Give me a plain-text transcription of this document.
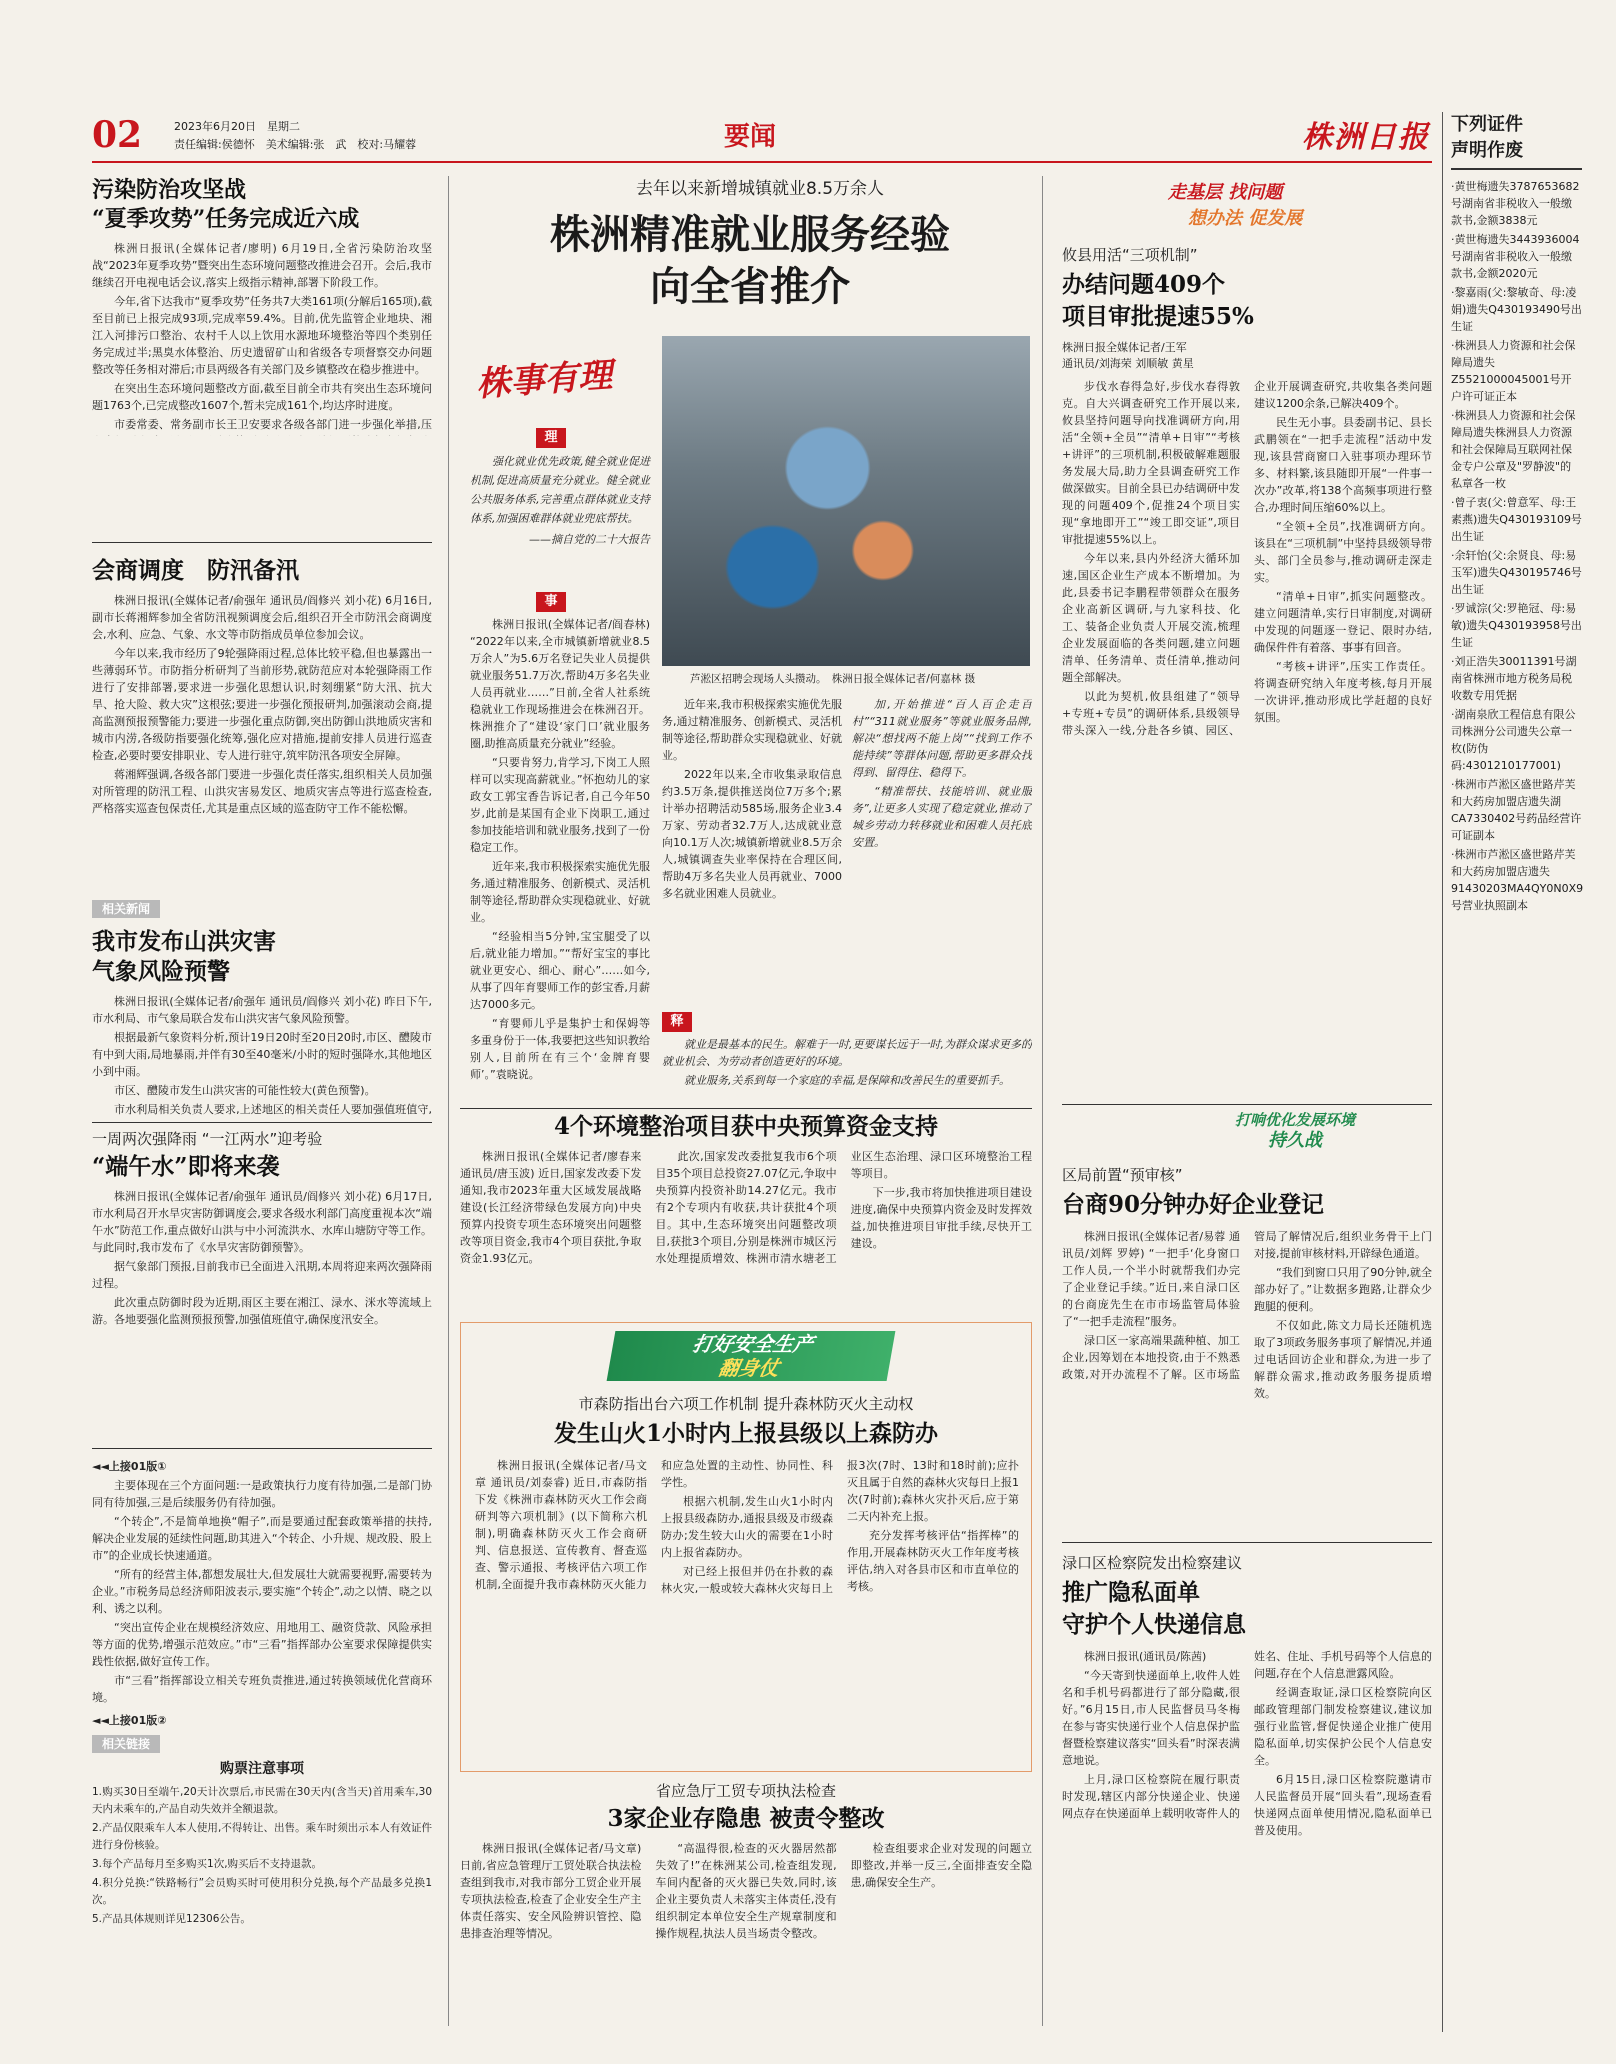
02	2023年6月20日　星期二
责任编辑:侯德怀　美术编辑:张　武　校对:马耀蓉	要闻	株洲日报 下列证件
声明作废
·黄世梅遗失3787653682号湖南省非税收入一般缴款书,金额3838元
·黄世梅遗失3443936004号湖南省非税收入一般缴款书,金额2020元
·黎嘉雨(父:黎敏奇、母:凌娟)遗失Q430193490号出生证
·株洲县人力资源和社会保障局遗失Z5521000045001号开户许可证正本
·株洲县人力资源和社会保障局遗失株洲县人力资源和社会保障局互联网社保金专户公章及"罗静波"的私章各一枚
·曾子衷(父:曾意军、母:王素燕)遗失Q430193109号出生证
·余轩怡(父:余贤良、母:易玉军)遗失Q430195746号出生证
·罗诚淙(父:罗艳冠、母:易敏)遗失Q430193958号出生证
·刘正浩失30011391号湖南省株洲市地方税务局税收数专用凭据
·湖南泉欣工程信息有限公司株洲分公司遗失公章一枚(防伪码:4301210177001)
·株洲市芦淞区盛世路芹芙和大药房加盟店遗失湖CA7330402号药品经营许可证副本
·株洲市芦淞区盛世路芹芙和大药房加盟店遗失91430203MA4QY0N0X9号营业执照副本
污染防治攻坚战
“夏季攻势”任务完成近六成

株洲日报讯(全媒体记者/廖明) 6月19日,全省污染防治攻坚战“2023年夏季攻势”暨突出生态环境问题整改推进会召开。会后,我市继续召开电视电话会议,落实上级指示精神,部署下阶段工作。

今年,省下达我市“夏季攻势”任务共7大类161项(分解后165项),截至目前已上报完成93项,完成率59.4%。目前,优先监管企业地块、湘江入河排污口整治、农村千人以上饮用水源地环境整治等四个类别任务完成过半;黑臭水体整治、历史遗留矿山和省级各专项督察交办问题整改等任务相对滞后;市县两级各有关部门及乡镇整改在稳步推进中。

在突出生态环境问题整改方面,截至目前全市共有突出生态环境问题1763个,已完成整改1607个,暂未完成161个,均达序时进度。

市委常委、常务副市长王卫安要求各级各部门进一步强化举措,压

会商调度　防汛备汛

株洲日报讯(全媒体记者/俞强年 通讯员/阎修兴 刘小花) 6月16日,副市长蒋湘辉参加全省防汛视频调度会后,组织召开全市防汛会商调度会,水利、应急、气象、水文等市防指成员单位参加会议。

今年以来,我市经历了9轮强降雨过程,总体比较平稳,但也暴露出一些薄弱环节。市防指分析研判了当前形势,就防范应对本轮强降雨工作进行了安排部署,要求进一步强化思想认识,时刻绷紧“防大汛、抗大旱、抢大险、救大灾”这根弦;要进一步强化预报研判,加强滚动会商,提高监测预报预警能力;要进一步强化重点防御,突出防御山洪地质灾害和城市内涝,各级防指要强化统筹,强化应对措施,提前安排人员进行巡查检查,必要时要安排职业、专人进行驻守,筑牢防汛各项安全屏障。

蒋湘辉强调,各级各部门要进一步强化责任落实,组织相关人员加强对所管理的防汛工程、山洪灾害易发区、地质灾害点等进行巡查检查,严格落实巡查包保责任,尤其是重点区域的巡查防守工作不能松懈。

相关新闻
我市发布山洪灾害
气象风险预警

株洲日报讯(全媒体记者/俞强年 通讯员/阎修兴 刘小花) 昨日下午,市水利局、市气象局联合发布山洪灾害气象风险预警。

根据最新气象资料分析,预计19日20时至20日20时,市区、醴陵市有中到大雨,局地暴雨,并伴有30至40毫米/小时的短时强降水,其他地区小到中雨。

市区、醴陵市发生山洪灾害的可能性较大(黄色预警)。

市水利局相关负责人要求,上述地区的相关责任人要加强值班值守,

一周两次强降雨 “一江两水”迎考验
“端午水”即将来袭

株洲日报讯(全媒体记者/俞强年 通讯员/阎修兴 刘小花) 6月17日,市水利局召开水旱灾害防御调度会,要求各级水利部门高度重视本次“端午水”防范工作,重点做好山洪与中小河流洪水、水库山塘防守等工作。与此同时,我市发布了《水旱灾害防御预警》。

据气象部门预报,目前我市已全面进入汛期,本周将迎来两次强降雨过程。

此次重点防御时段为近期,雨区主要在湘江、渌水、洣水等流域上游。各地要强化监测预报预警,加强值班值守,确保度汛安全。

◄◄上接01版①

主要体现在三个方面问题:一是政策执行力度有待加强,二是部门协同有待加强,三是后续服务仍有待加强。

“个转企”,不是简单地换“帽子”,而是要通过配套政策举措的扶持,解决企业发展的延续性问题,助其进入“个转企、小升规、规改股、股上市”的企业成长快速通道。

“所有的经营主体,都想发展壮大,但发展壮大就需要视野,需要转为企业。”市税务局总经济师阳波表示,要实施“个转企”,动之以情、晓之以利、诱之以利。

“突出宣传企业在规模经济效应、用地用工、融资贷款、风险承担等方面的优势,增强示范效应。”市“三看”指挥部办公室要求保障提供实践性依据,做好宣传工作。

市“三看”指挥部设立相关专班负责推进,通过转换领域优化营商环境。

◄◄上接01版②

相关链接
购票注意事项

1.购买30日至端午,20天计次票后,市民需在30天内(含当天)首用乘车,30天内未乘车的,产品自动失效并全额退款。

2.产品仅限乘车人本人使用,不得转让、出售。乘车时须出示本人有效证件进行身份核验。

3.每个产品每月至多购买1次,购买后不支持退款。

4.积分兑换:“铁路畅行”会员购买时可使用积分兑换,每个产品最多兑换1次。

5.产品具体规则详见12306公告。

去年以来新增城镇就业8.5万余人
株洲精准就业服务经验
向全省推介
株事有理
理

强化就业优先政策,健全就业促进机制,促进高质量充分就业。健全就业公共服务体系,完善重点群体就业支持体系,加强困难群体就业兜底帮扶。

——摘自党的二十大报告

事

株洲日报讯(全媒体记者/阎春林) “2022年以来,全市城镇新增就业8.5万余人”为5.6万名登记失业人员提供就业服务51.7万次,帮助4万多名失业人员再就业……”日前,全省人社系统稳就业工作现场推进会在株洲召开。株洲推介了“建设‘家门口’就业服务圈,助推高质量充分就业”经验。

“只要肯努力,肯学习,下岗工人照样可以实现高薪就业。”怀抱幼儿的家政女工郭宝香告诉记者,自己今年50岁,此前是某国有企业下岗职工,通过参加技能培训和就业服务,找到了一份稳定工作。

近年来,我市积极探索实施优先服务,通过精准服务、创新模式、灵活机制等途径,帮助群众实现稳就业、好就业。

“经验相当5分钟,宝宝腿受了以后,就业能力增加。”“帮好宝宝的事比就业更安心、细心、耐心”……如今,从事了四年育婴师工作的彭宝香,月薪达7000多元。

“育婴师儿乎是集护士和保姆等多重身份于一体,我要把这些知识教给别人,目前所在有三个‘金牌育婴师’。”袁晓说。

芦淞区招聘会现场人头攒动。　株洲日报全媒体记者/何嘉林 摄

近年来,我市积极探索实施优先服务,通过精准服务、创新模式、灵活机制等途径,帮助群众实现稳就业、好就业。

2022年以来,全市收集录取信息约3.5万条,提供推送岗位7万多个;累计举办招聘活动585场,服务企业3.4万家、劳动者32.7万人,达成就业意向10.1万人次;城镇新增就业8.5万余人,城镇调查失业率保持在合理区间,帮助4万多名失业人员再就业、7000多名就业困难人员就业。

加,开始推进“百人百企走百村”“311就业服务”等就业服务品牌,解决“想找两不能上岗”“找到工作不能持续”等群体问题,帮助更多群众找得到、留得住、稳得下。

“精准帮扶、技能培训、就业服务”,让更多人实现了稳定就业,推动了城乡劳动力转移就业和困难人员托底安置。

释

就业是最基本的民生。解难于一时,更要谋长远于一时,为群众谋求更多的就业机会、为劳动者创造更好的环境。

就业服务,关系到每一个家庭的幸福,是保障和改善民生的重要抓手。

4个环境整治项目获中央预算资金支持

株洲日报讯(全媒体记者/廖春来 通讯员/唐玉波) 近日,国家发改委下发通知,我市2023年重大区域发展战略建设(长江经济带绿色发展方向)中央预算内投资专项生态环境突出问题整改等项目资金,我市4个项目获批,争取资金1.93亿元。

此次,国家发改委批复我市6个项目35个项目总投资27.07亿元,争取中央预算内投资补助14.27亿元。我市有2个专项内有收获,共计获批4个项目。其中,生态环境突出问题整改项目,获批3个项目,分别是株洲市城区污水处理提质增效、株洲市清水塘老工业区生态治理、渌口区环境整治工程等项目。

下一步,我市将加快推进项目建设进度,确保中央预算内资金及时发挥效益,加快推进项目审批手续,尽快开工建设。

打好安全生产
翻身仗
市森防指出台六项工作机制 提升森林防灭火主动权
发生山火1小时内上报县级以上森防办

株洲日报讯(全媒体记者/马文章 通讯员/刘泰睿) 近日,市森防指下发《株洲市森林防灭火工作会商研判等六项机制》(以下简称六机制),明确森林防灭火工作会商研判、信息报送、宣传教育、督查巡查、警示通报、考核评估六项工作机制,全面提升我市森林防灭火能力和应急处置的主动性、协同性、科学性。

根据六机制,发生山火1小时内上报县级森防办,通报县级及市级森防办;发生较大山火的需要在1小时内上报省森防办。

对已经上报但并仍在扑救的森林火灾,一般或较大森林火灾每日上报3次(7时、13时和18时前);应扑灭且属于自然的森林火灾每日上报1次(7时前);森林火灾扑灭后,应于第二天内补充上报。

充分发挥考核评估“指挥棒”的作用,开展森林防灭火工作年度考核评估,纳入对各县市区和市直单位的考核。

省应急厅工贸专项执法检查
3家企业存隐患 被责令整改

株洲日报讯(全媒体记者/马文章) 日前,省应急管理厅工贸处联合执法检查组到我市,对我市部分工贸企业开展专项执法检查,检查了企业安全生产主体责任落实、安全风险辨识管控、隐患排查治理等情况。

“高温得很,检查的灭火器居然都失效了!”在株洲某公司,检查组发现,车间内配备的灭火器已失效,同时,该企业主要负责人未落实主体责任,没有组织制定本单位安全生产规章制度和操作规程,执法人员当场责令整改。

检查组要求企业对发现的问题立即整改,并举一反三,全面排查安全隐患,确保安全生产。

走基层 找问题
想办法 促发展
攸县用活“三项机制”
办结问题409个
项目审批提速55%
株洲日报全媒体记者/王军
通讯员/刘海荣 刘顺敏 黄星

步伐水春得急好,步伐水春得敦克。自大兴调查研究工作开展以来,攸县坚持问题导向找准调研方向,用活“全领+全员”“清单+日审”“考核+讲评”的三项机制,积极破解难题服务发展大局,助力全县调查研究工作做深做实。目前全县已办结调研中发现的问题409个,促推24个项目实现“拿地即开工”“竣工即交证”,项目审批提速55%以上。

今年以来,县内外经济大循环加速,国区企业生产成本不断增加。为此,县委书记李鹏程带领群众在服务企业高新区调研,与九家科技、化工、装备企业负责人开展交流,梳理企业发展面临的各类问题,建立问题清单、任务清单、责任清单,推动问题全部解决。

以此为契机,攸县组建了“领导+专班+专员”的调研体系,县级领导带头深入一线,分赴各乡镇、园区、企业开展调查研究,共收集各类问题建议1200余条,已解决409个。

民生无小事。县委副书记、县长武鹏领在“一把手走流程”活动中发现,该县营商窗口入驻事项办理环节多、材料繁,该县随即开展“一件事一次办”改革,将138个高频事项进行整合,办理时间压缩60%以上。

“全领+全员”,找准调研方向。该县在“三项机制”中坚持县级领导带头、部门全员参与,推动调研走深走实。

“清单+日审”,抓实问题整改。建立问题清单,实行日审制度,对调研中发现的问题逐一登记、限时办结,确保件件有着落、事事有回音。

“考核+讲评”,压实工作责任。将调查研究纳入年度考核,每月开展一次讲评,推动形成比学赶超的良好氛围。

打响优化发展环境
持久战
区局前置“预审核”
台商90分钟办好企业登记

株洲日报讯(全媒体记者/易蓉 通讯员/刘辉 罗婷) “一把手‘化身窗口工作人员,一个半小时就帮我们办完了企业登记手续。”近日,来自渌口区的台商庞先生在市市场监管局体验了“一把手走流程”服务。

渌口区一家高端果蔬种植、加工企业,因筹划在本地投资,由于不熟悉政策,对开办流程不了解。区市场监管局了解情况后,组织业务骨干上门对接,提前审核材料,开辟绿色通道。

“我们到窗口只用了90分钟,就全部办好了。”让数据多跑路,让群众少跑腿的便利。

不仅如此,陈文力局长还随机选取了3项政务服务事项了解情况,并通过电话回访企业和群众,为进一步了解群众需求,推动政务服务提质增效。

渌口区检察院发出检察建议
推广隐私面单
守护个人快递信息

株洲日报讯(通讯员/陈茜)

“今天寄到快递面单上,收件人姓名和手机号码都进行了部分隐藏,很好。”6月15日,市人民监督员马冬梅在参与寄实快递行业个人信息保护监督暨检察建议落实“回头看”时深表满意地说。

上月,渌口区检察院在履行职责时发现,辖区内部分快递企业、快递网点存在快递面单上载明收寄件人的姓名、住址、手机号码等个人信息的问题,存在个人信息泄露风险。

经调查取证,渌口区检察院向区邮政管理部门制发检察建议,建议加强行业监管,督促快递企业推广使用隐私面单,切实保护公民个人信息安全。

6月15日,渌口区检察院邀请市人民监督员开展“回头看”,现场查看快递网点面单使用情况,隐私面单已普及使用。
